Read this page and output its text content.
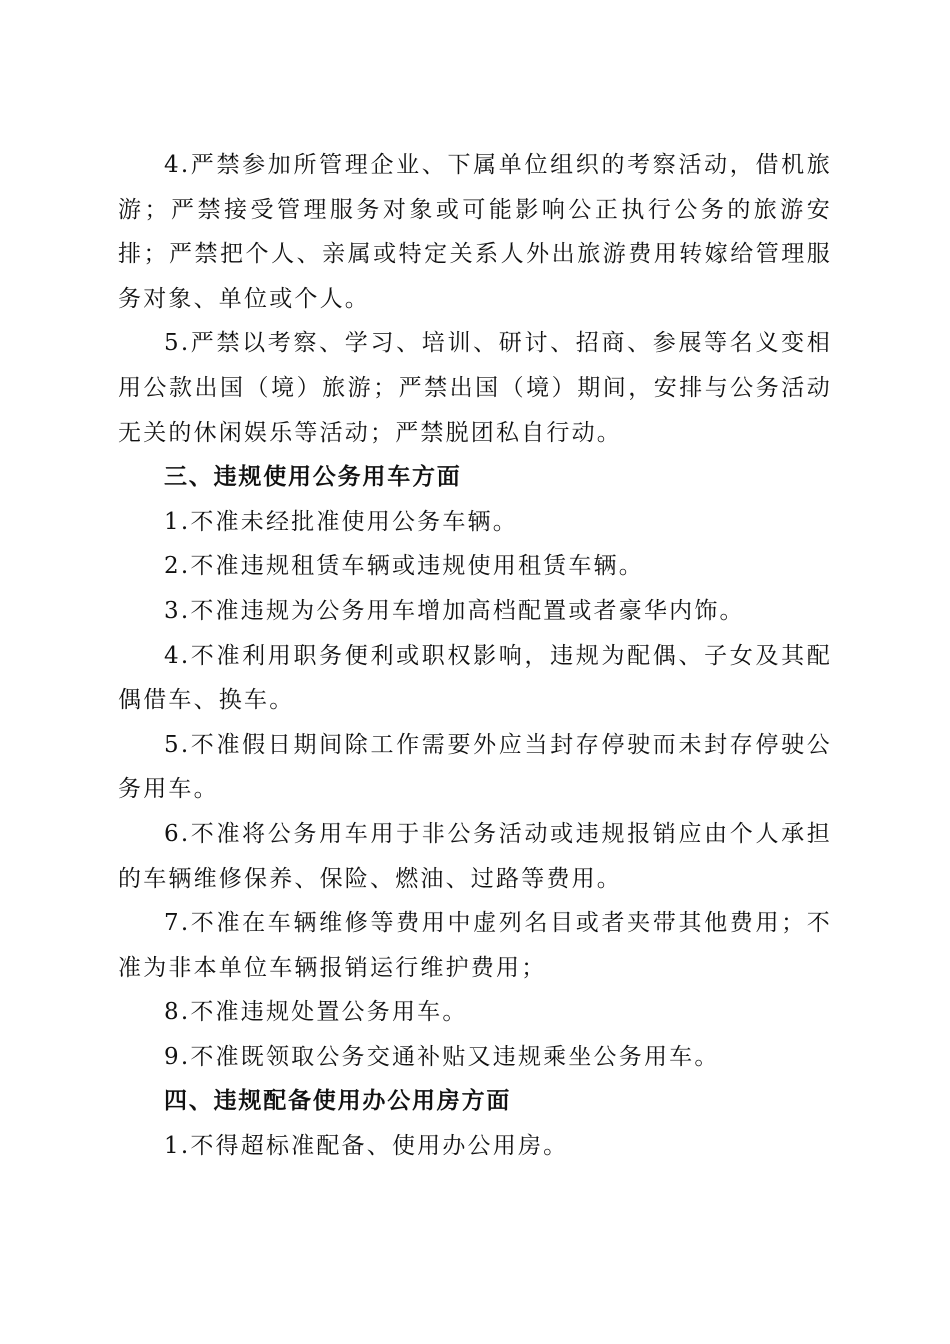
4.严禁参加所管理企业、下属单位组织的考察活动，借机旅游；严禁接受管理服务对象或可能影响公正执行公务的旅游安排；严禁把个人、亲属或特定关系人外出旅游费用转嫁给管理服务对象、单位或个人。

5.严禁以考察、学习、培训、研讨、招商、参展等名义变相用公款出国（境）旅游；严禁出国（境）期间，安排与公务活动无关的休闲娱乐等活动；严禁脱团私自行动。

三、违规使用公务用车方面

1.不准未经批准使用公务车辆。

2.不准违规租赁车辆或违规使用租赁车辆。

3.不准违规为公务用车增加高档配置或者豪华内饰。

4.不准利用职务便利或职权影响，违规为配偶、子女及其配偶借车、换车。

5.不准假日期间除工作需要外应当封存停驶而未封存停驶公务用车。

6.不准将公务用车用于非公务活动或违规报销应由个人承担的车辆维修保养、保险、燃油、过路等费用。

7.不准在车辆维修等费用中虚列名目或者夹带其他费用；不准为非本单位车辆报销运行维护费用；

8.不准违规处置公务用车。

9.不准既领取公务交通补贴又违规乘坐公务用车。

四、违规配备使用办公用房方面

1.不得超标准配备、使用办公用房。
